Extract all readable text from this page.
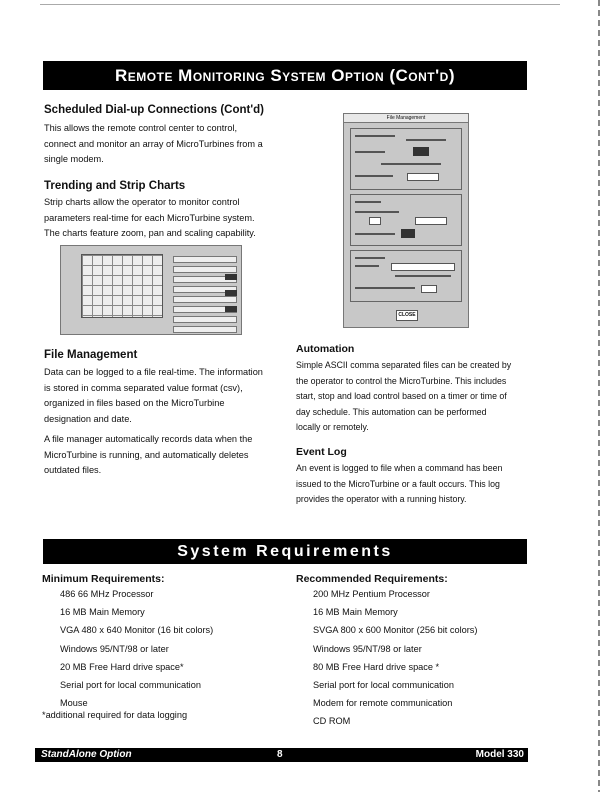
Remote Monitoring System Option (Cont'd)
Scheduled Dial-up Connections (Cont'd)
This allows the remote control center to control,
connect and monitor an array of MicroTurbines from a
single modem.
Trending and Strip Charts
Strip charts allow the operator to monitor control
parameters real-time for each MicroTurbine system.
The charts feature zoom, pan and scaling capability.
File Management
Data can be logged to a file real-time. The information
is stored in comma separated value format (csv),
organized in files based on the MicroTurbine
designation and date.
A file manager automatically records data when the
MicroTurbine is running, and automatically deletes
outdated files.
File Management
CLOSE
Automation
Simple ASCII comma separated files can be created by
the operator to control the MicroTurbine. This includes
start, stop and load control based on a timer or time of
day schedule. This automation can be performed
locally or remotely.
Event Log
An event is logged to file when a command has been
issued to the MicroTurbine or a fault occurs. This log
provides the operator with a running history.
System Requirements
Minimum Requirements:
486 66 MHz Processor
16 MB Main Memory
VGA 480 x 640 Monitor (16 bit colors)
Windows 95/NT/98 or later
20 MB Free Hard drive space*
Serial port for local communication
Mouse
*additional required for data logging
Recommended Requirements:
200 MHz Pentium Processor
16 MB Main Memory
SVGA 800 x 600 Monitor (256 bit colors)
Windows 95/NT/98 or later
80 MB Free Hard drive space *
Serial port for local communication
Modem for remote communication
CD ROM
StandAlone Option	8	Model 330
